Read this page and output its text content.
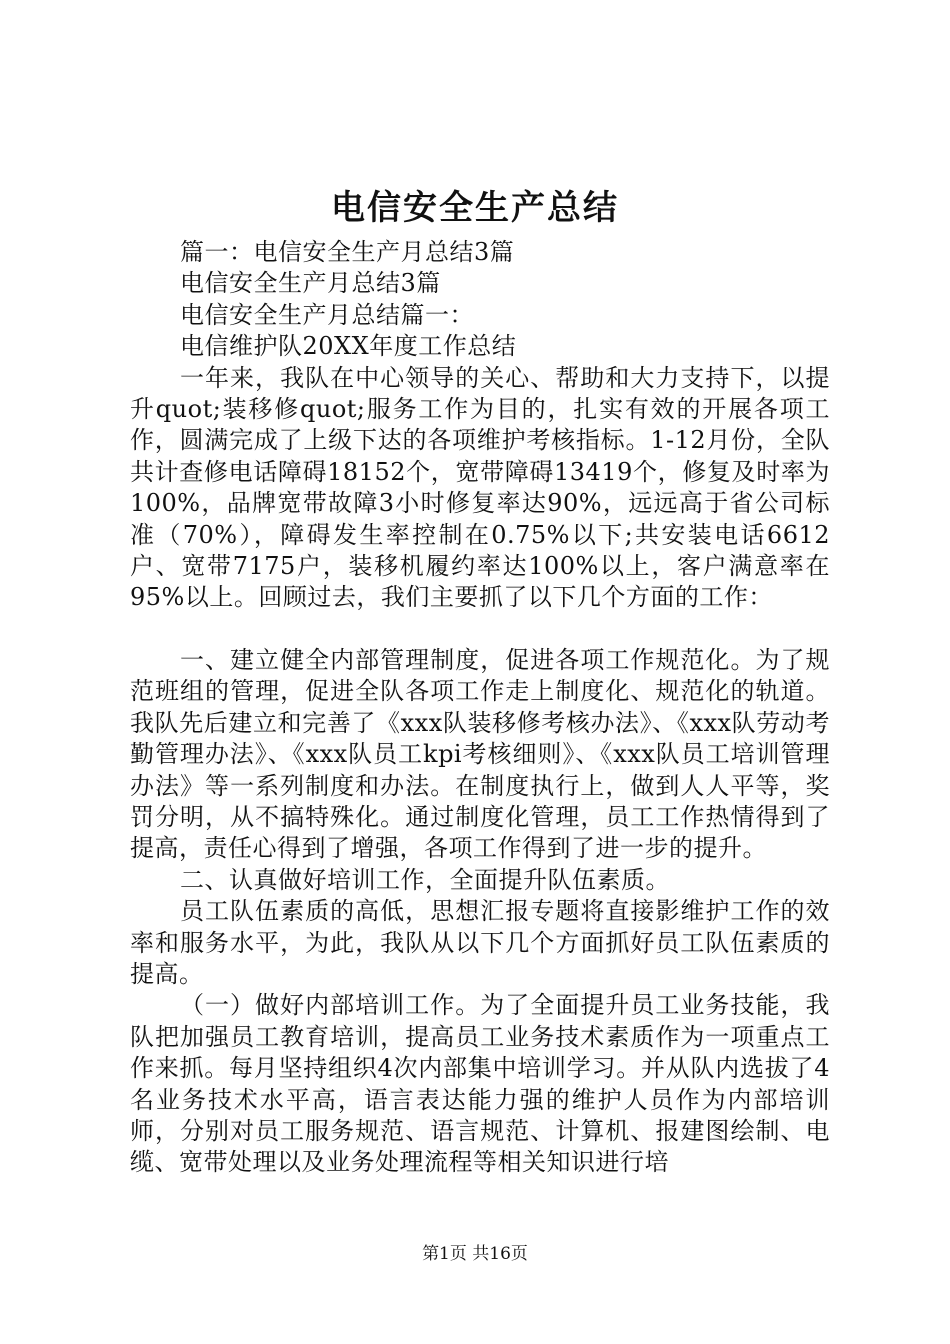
电信安全生产总结

篇一：电信安全生产月总结3篇

电信安全生产月总结3篇

电信安全生产月总结篇一：

电信维护队20XX年度工作总结

一年来，我队在中心领导的关心、帮助和大力支持下，以提升quot;装移修quot;服务工作为目的，扎实有效的开展各项工作，圆满完成了上级下达的各项维护考核指标。1-12月份，全队共计查修电话障碍18152个，宽带障碍13419个，修复及时率为100%，品牌宽带故障3小时修复率达90%，远远高于省公司标准（70%），障碍发生率控制在0.75%以下;共安装电话6612户、宽带7175户，装移机履约率达100%以上，客户满意率在95%以上。回顾过去，我们主要抓了以下几个方面的工作：

一、建立健全内部管理制度，促进各项工作规范化。为了规范班组的管理，促进全队各项工作走上制度化、规范化的轨道。我队先后建立和完善了《xxx队装移修考核办法》、《xxx队劳动考勤管理办法》、《xxx队员工kpi考核细则》、《xxx队员工培训管理办法》等一系列制度和办法。在制度执行上，做到人人平等，奖罚分明，从不搞特殊化。通过制度化管理，员工工作热情得到了提高，责任心得到了增强，各项工作得到了进一步的提升。

二、认真做好培训工作，全面提升队伍素质。

员工队伍素质的高低，思想汇报专题将直接影维护工作的效率和服务水平，为此，我队从以下几个方面抓好员工队伍素质的提高。

（一）做好内部培训工作。为了全面提升员工业务技能，我队把加强员工教育培训，提高员工业务技术素质作为一项重点工作来抓。每月坚持组织4次内部集中培训学习。并从队内选拔了4名业务技术水平高，语言表达能力强的维护人员作为内部培训师，分别对员工服务规范、语言规范、计算机、报建图绘制、电缆、宽带处理以及业务处理流程等相关知识进行培

第1页 共16页
